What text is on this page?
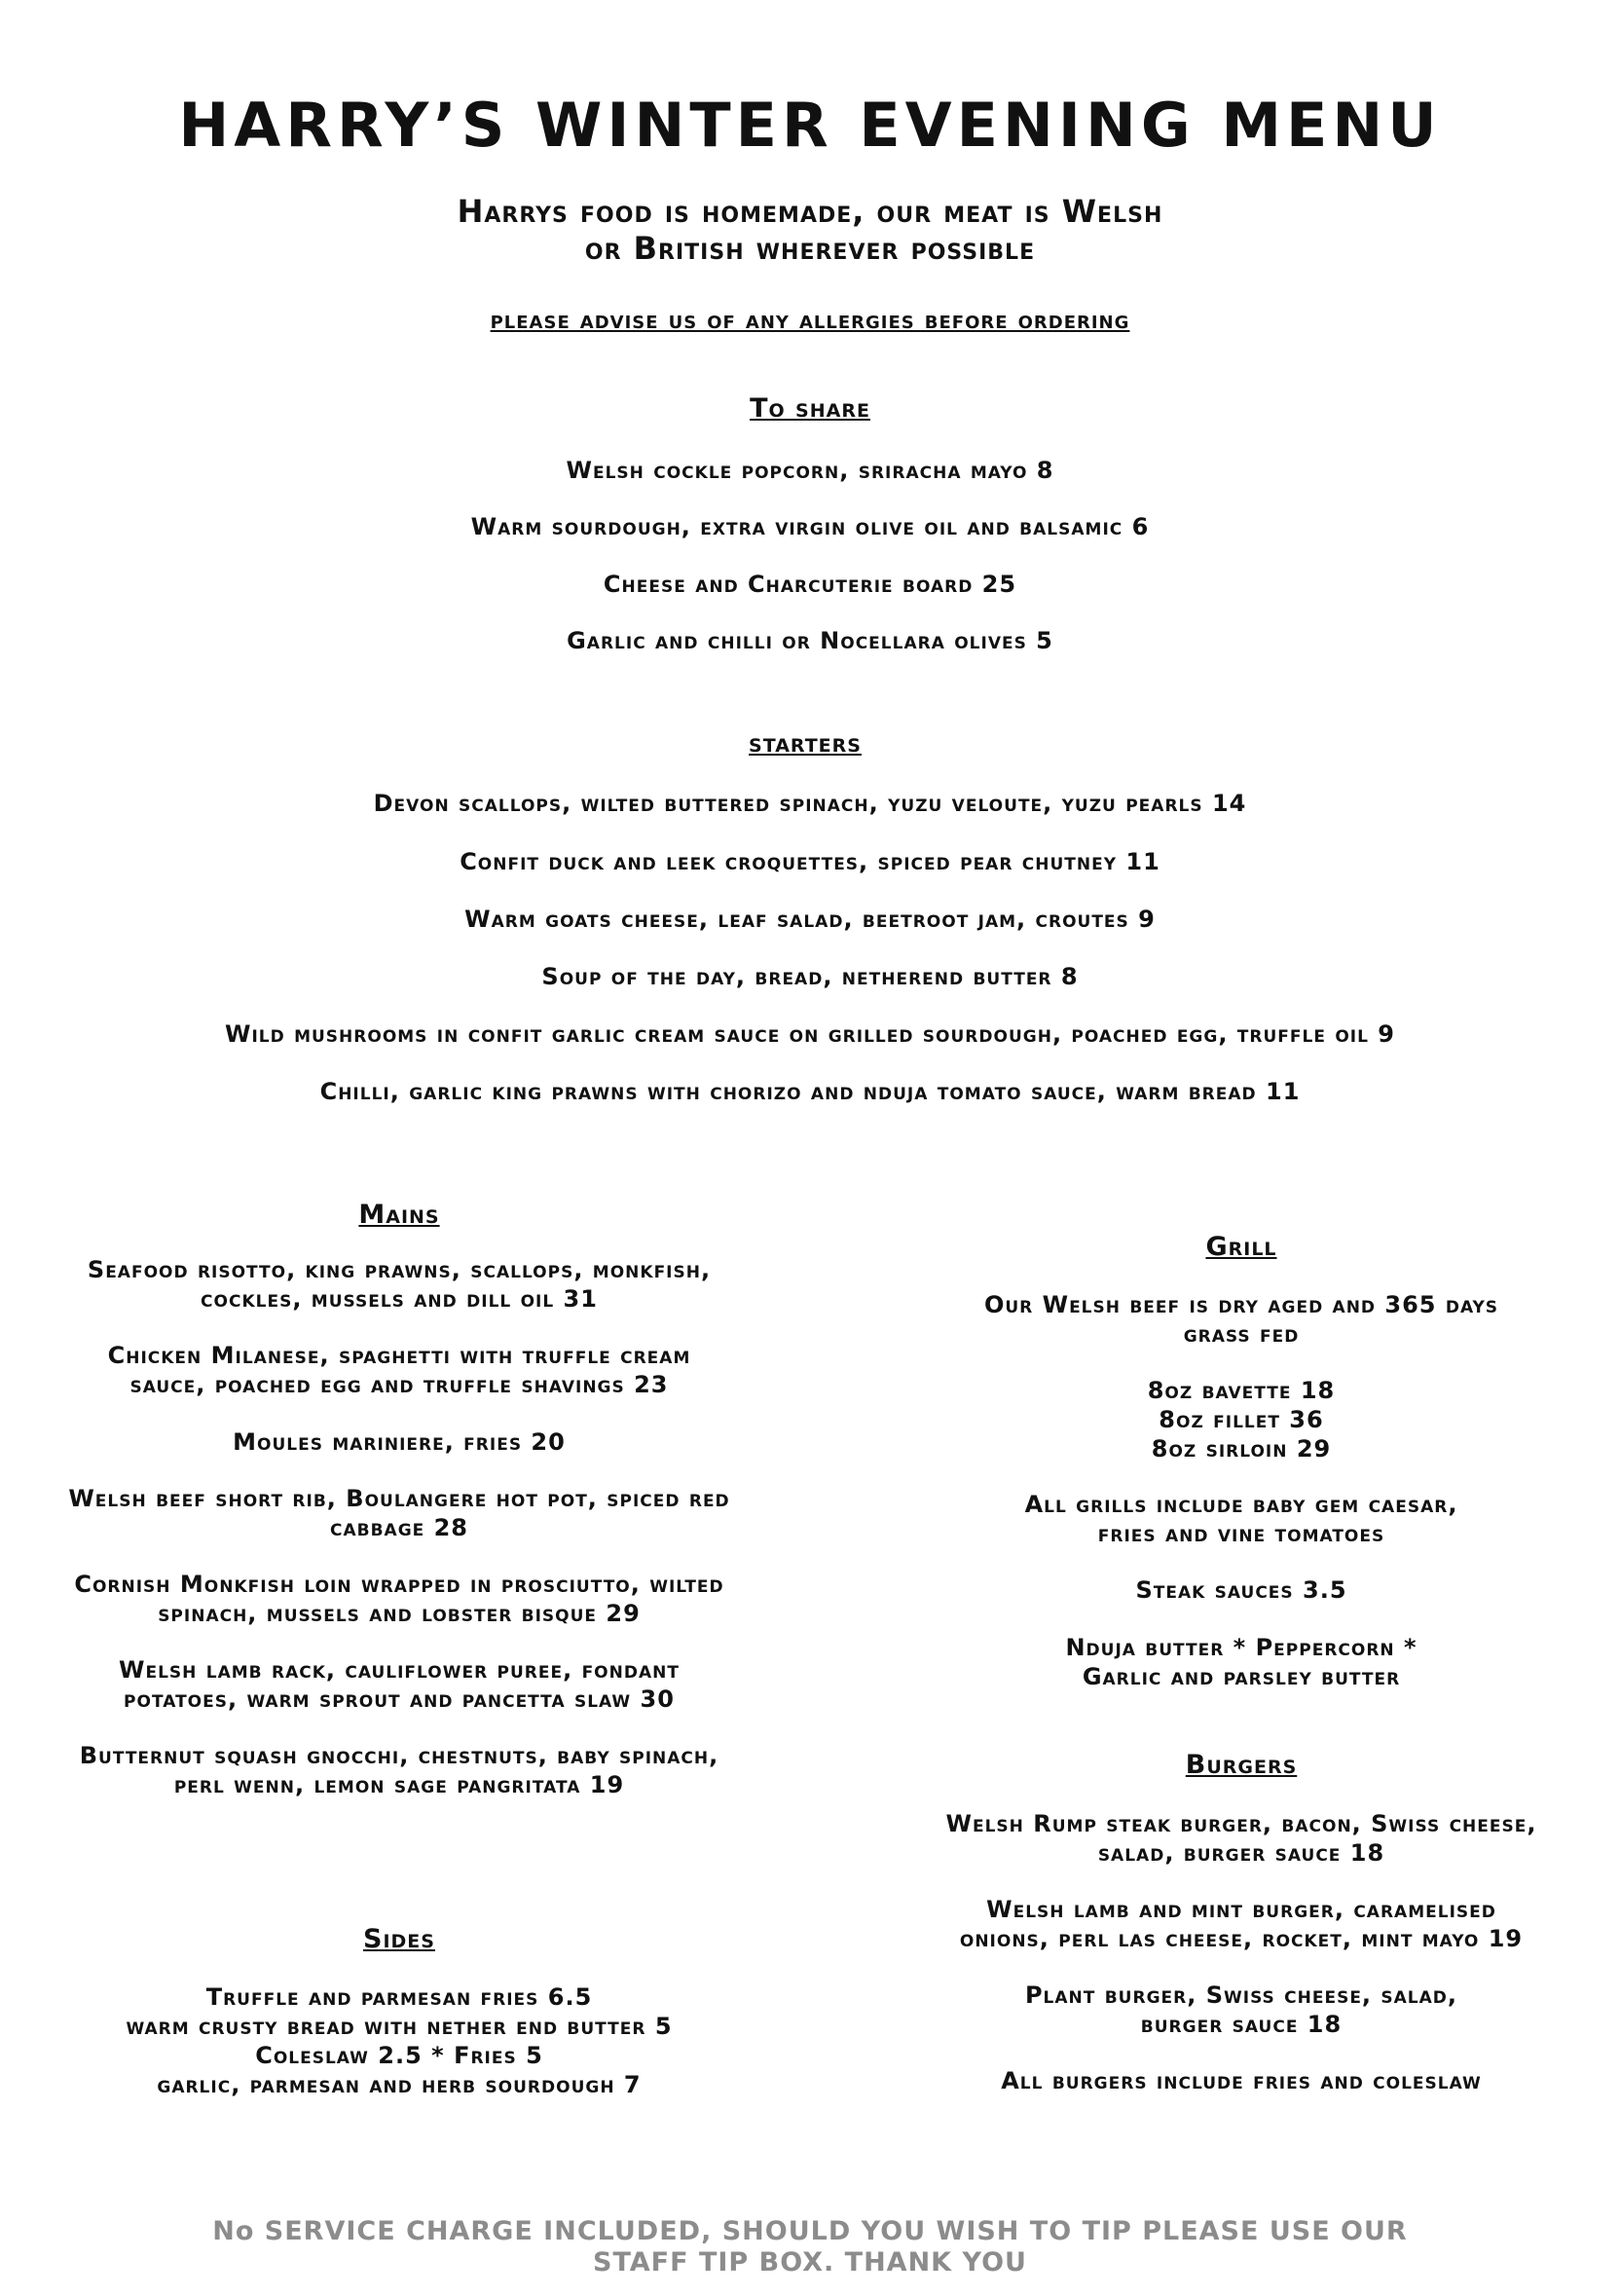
HARRY’S WINTER EVENING MENU
Harrys food is homemade, our meat is Welsh
or British wherever possible
please advise us of any allergies before ordering
To share
Welsh cockle popcorn, sriracha mayo 8
Warm sourdough, extra virgin olive oil and balsamic 6
Cheese and Charcuterie board 25
Garlic and chilli or Nocellara olives 5
starters
Devon scallops, wilted buttered spinach, yuzu veloute, yuzu pearls 14
Confit duck and leek croquettes, spiced pear chutney 11
Warm goats cheese, leaf salad, beetroot jam, croutes 9
Soup of the day, bread, netherend butter 8
Wild mushrooms in confit garlic cream sauce on grilled sourdough, poached egg, truffle oil 9
Chilli, garlic king prawns with chorizo and nduja tomato sauce, warm bread 11
Mains
Seafood risotto, king prawns, scallops, monkfish,
cockles, mussels and dill oil 31
Chicken Milanese, spaghetti with truffle cream
sauce, poached egg and truffle shavings 23
Moules mariniere, fries 20
Welsh beef short rib, Boulangere hot pot, spiced red
cabbage 28
Cornish Monkfish loin wrapped in prosciutto, wilted
spinach, mussels and lobster bisque 29
Welsh lamb rack, cauliflower puree, fondant
potatoes, warm sprout and pancetta slaw 30
Butternut squash gnocchi, chestnuts, baby spinach,
perl wenn, lemon sage pangritata 19
Sides
Truffle and parmesan fries 6.5
warm crusty bread with nether end butter 5
Coleslaw 2.5 * Fries 5
garlic, parmesan and herb sourdough 7
Grill
Our Welsh beef is dry aged and 365 days
grass fed
8oz bavette 18
8oz fillet 36
8oz sirloin 29
All grills include baby gem caesar,
fries and vine tomatoes
Steak sauces 3.5
Nduja butter * Peppercorn *
Garlic and parsley butter
Burgers
Welsh Rump steak burger, bacon, Swiss cheese,
salad, burger sauce 18
Welsh lamb and mint burger, caramelised
onions, perl las cheese, rocket, mint mayo 19
Plant burger, Swiss cheese, salad,
burger sauce 18
All burgers include fries and coleslaw
No SERVICE CHARGE INCLUDED, SHOULD YOU WISH TO TIP PLEASE USE OUR
STAFF TIP BOX. THANK YOU
